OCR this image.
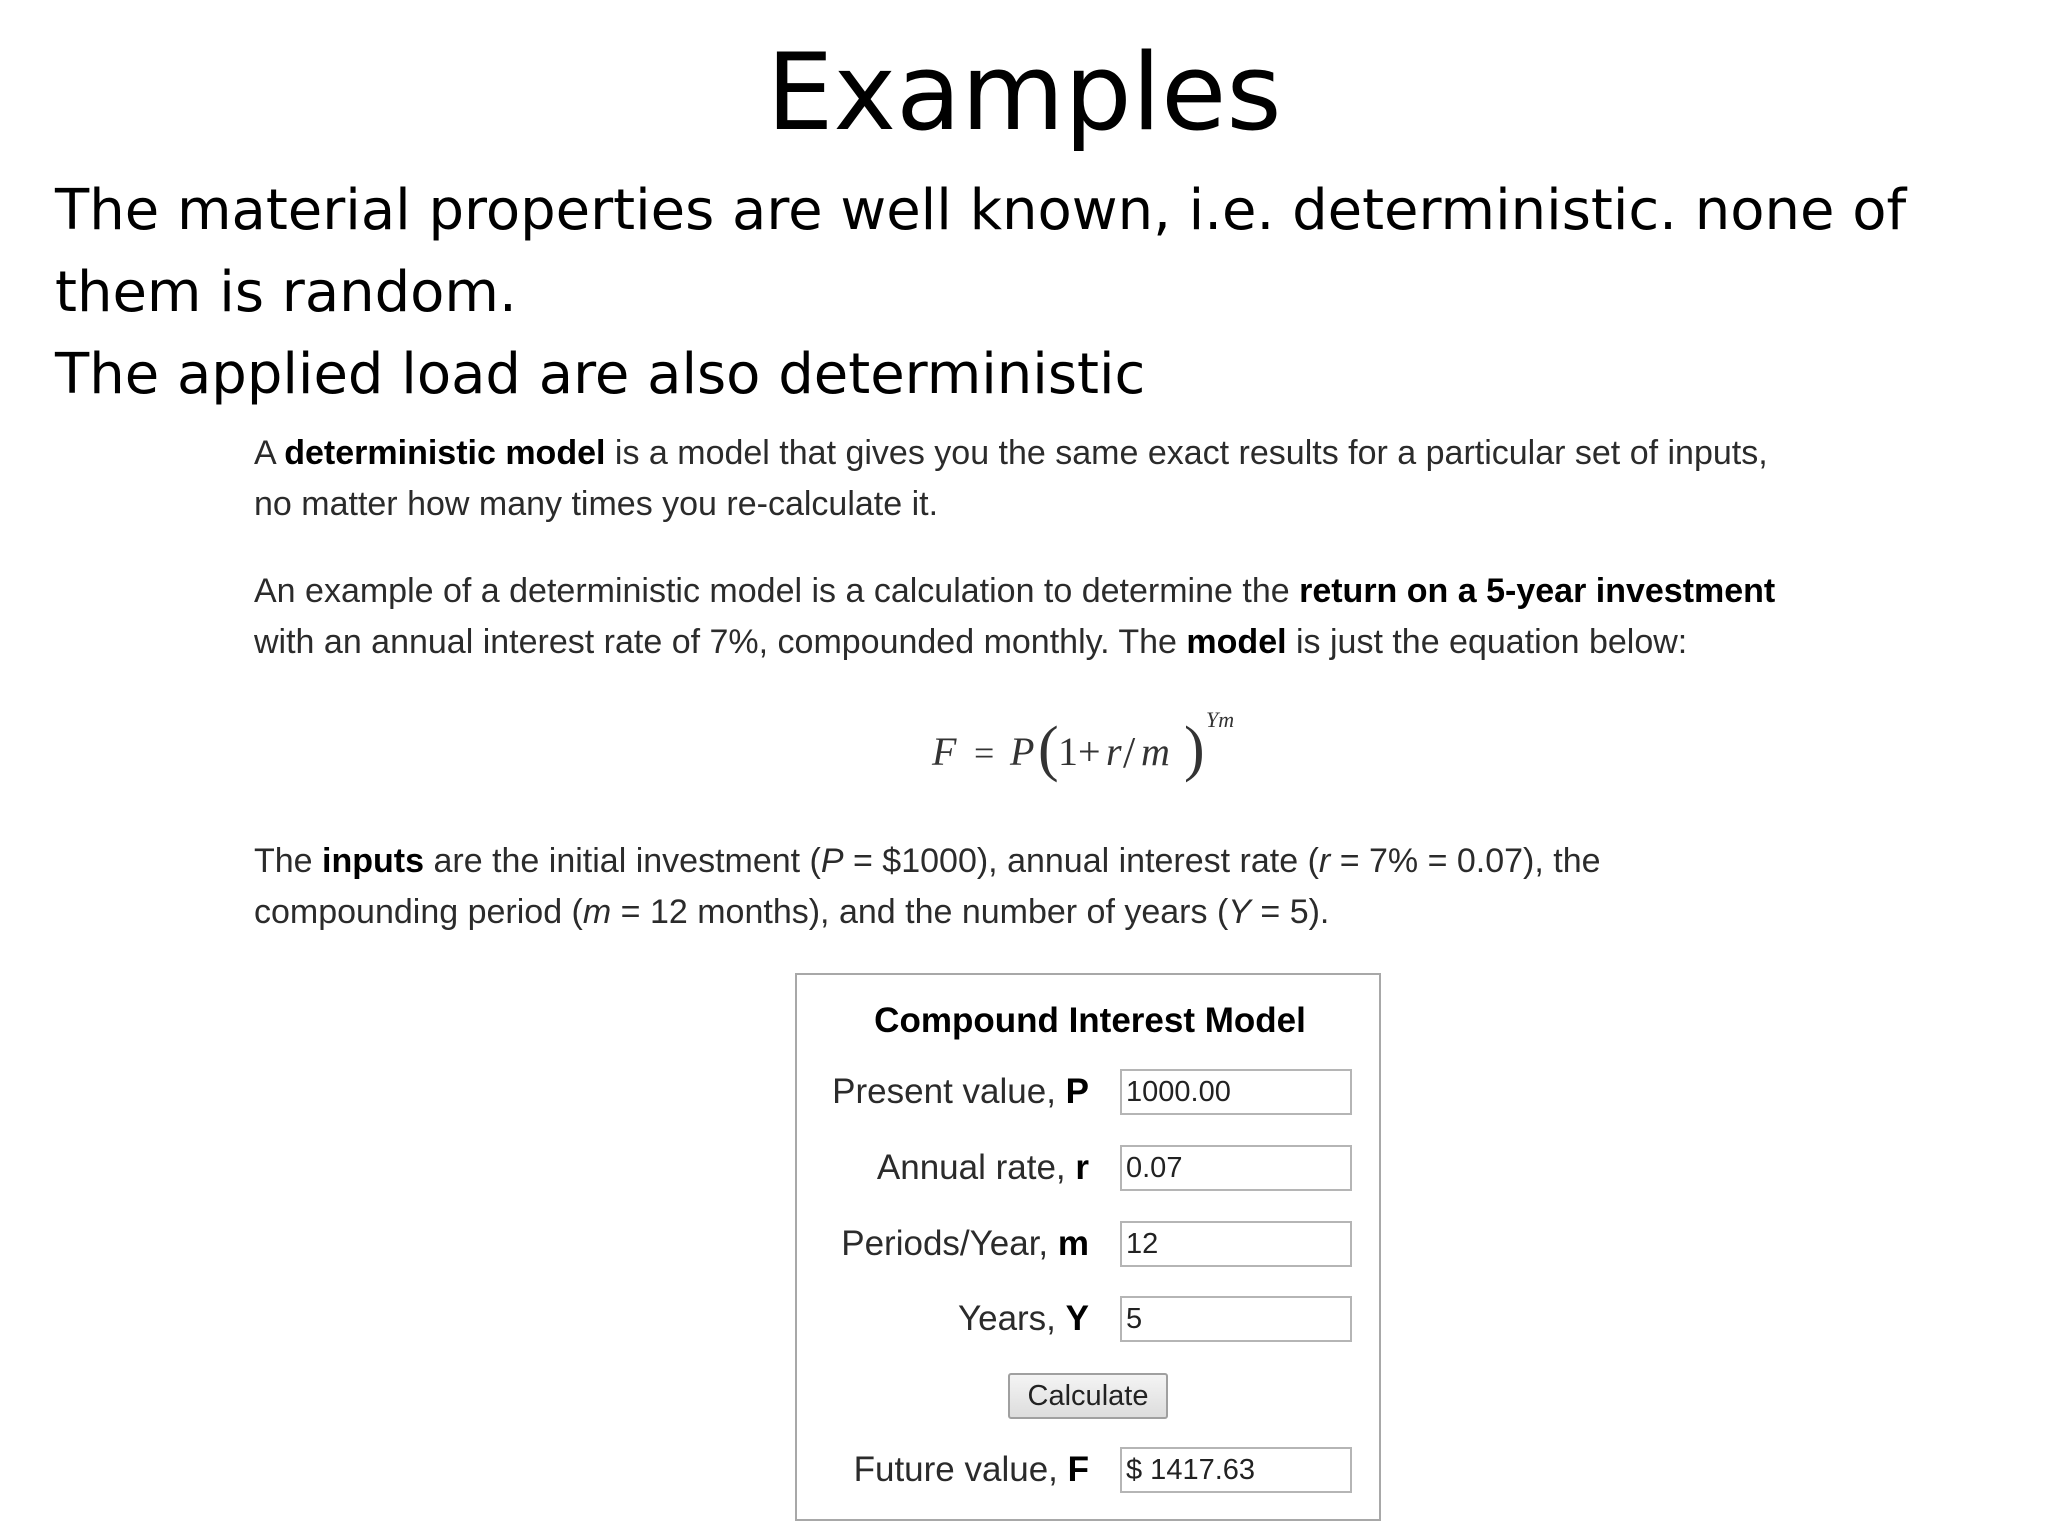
Examples
The material properties are well known, i.e. deterministic. none of
them is random.
The applied load are also deterministic
A deterministic model is a model that gives you the same exact results for a particular set of inputs,
no matter how many times you re-calculate it.
An example of a deterministic model is a calculation to determine the return on a 5-year investment
with an annual interest rate of 7%, compounded monthly. The model is just the equation below:
F = P ( 1+ r / m ) Ym
The inputs are the initial investment (P = $1000), annual interest rate (r = 7% = 0.07), the
compounding period (m = 12 months), and the number of years (Y = 5).
Compound Interest Model
Present value, P 1000.00
Annual rate, r 0.07
Periods/Year, m 12
Years, Y 5
Calculate
Future value, F $ 1417.63
